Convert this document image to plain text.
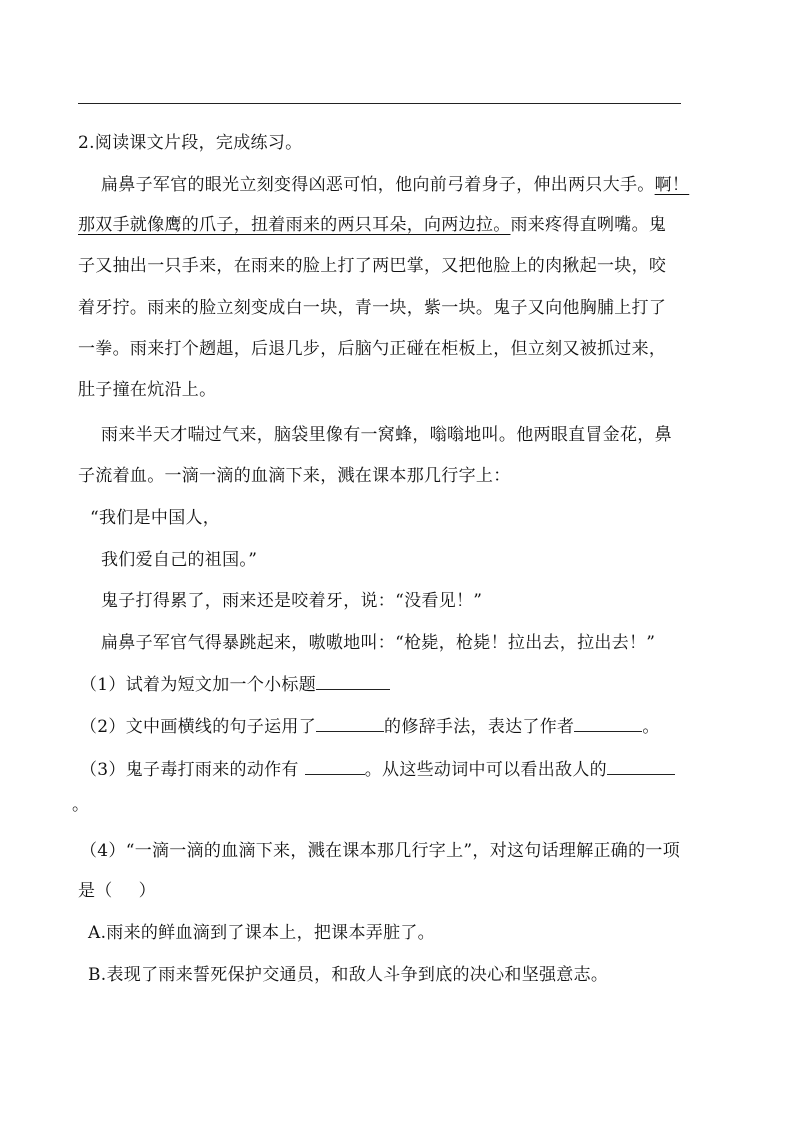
2.阅读课文片段，完成练习。
扁鼻子军官的眼光立刻变得凶恶可怕，他向前弓着身子，伸出两只大手。啊！
那双手就像鹰的爪子，扭着雨来的两只耳朵，向两边拉。雨来疼得直咧嘴。鬼
子又抽出一只手来，在雨来的脸上打了两巴掌，又把他脸上的肉揪起一块，咬
着牙拧。雨来的脸立刻变成白一块，青一块，紫一块。鬼子又向他胸脯上打了
一拳。雨来打个趔趄，后退几步，后脑勺正碰在柜板上，但立刻又被抓过来，
肚子撞在炕沿上。
雨来半天才喘过气来，脑袋里像有一窝蜂，嗡嗡地叫。他两眼直冒金花，鼻
子流着血。一滴一滴的血滴下来，溅在课本那几行字上：
“我们是中国人，
我们爱自己的祖国。”
鬼子打得累了，雨来还是咬着牙，说：“没看见！”
扁鼻子军官气得暴跳起来，嗷嗷地叫：“枪毙，枪毙！拉出去，拉出去！”
（1）试着为短文加一个小标题
（2）文中画横线的句子运用了	的修辞手法，表达了作者	。
（3）鬼子毒打雨来的动作有	。从这些动词中可以看出敌人的
。
（4）“一滴一滴的血滴下来，溅在课本那几行字上”，对这句话理解正确的一项
是（ ）
A.雨来的鲜血滴到了课本上，把课本弄脏了。
B.表现了雨来誓死保护交通员，和敌人斗争到底的决心和坚强意志。
